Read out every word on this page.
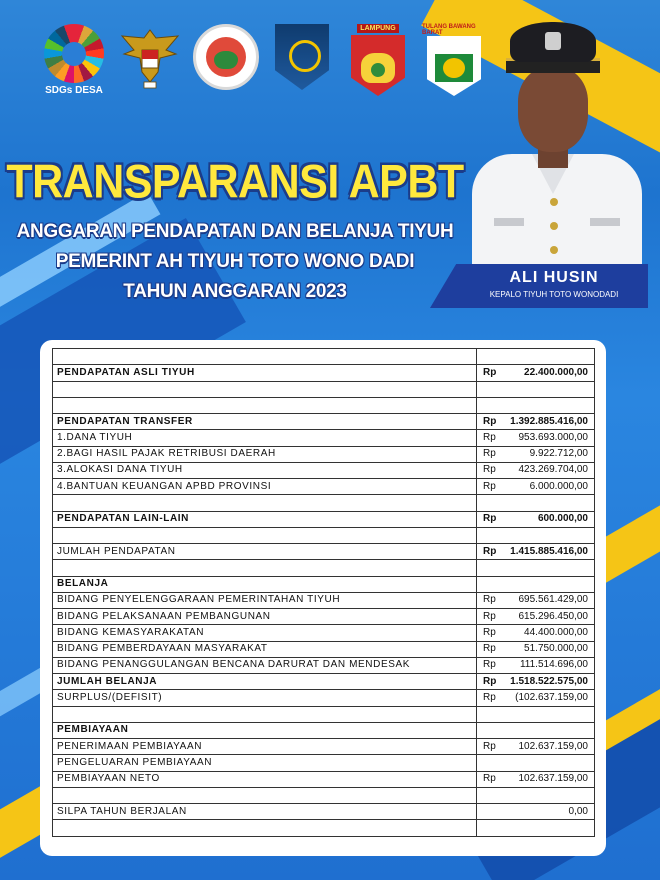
SDGs DESA
LAMPUNG	TULANG BAWANG BARAT
TRANSPARANSI APBT
ANGGARAN PENDAPATAN DAN BELANJA TIYUH
PEMERINT AH TIYUH TOTO WONO DADI
TAHUN ANGGARAN 2023
ALI HUSIN
KEPALO TIYUH TOTO WONODADI

PENDAPATAN ASLI TIYUH	Rp 22.400.000,00

PENDAPATAN TRANSFER	Rp 1.392.885.416,00

1.DANA TIYUH	Rp 953.693.000,00

2.BAGI HASIL PAJAK RETRIBUSI DAERAH	Rp 9.922.712,00

3.ALOKASI DANA TIYUH	Rp 423.269.704,00

4.BANTUAN KEUANGAN APBD PROVINSI	Rp 6.000.000,00

PENDAPATAN LAIN-LAIN	Rp 600.000,00

JUMLAH PENDAPATAN	Rp 1.415.885.416,00

BELANJA	

BIDANG PENYELENGGARAAN PEMERINTAHAN TIYUH	Rp 695.561.429,00

BIDANG PELAKSANAAN PEMBANGUNAN	Rp 615.296.450,00

BIDANG KEMASYARAKATAN	Rp 44.400.000,00

BIDANG PEMBERDAYAAN MASYARAKAT	Rp 51.750.000,00

BIDANG PENANGGULANGAN BENCANA DARURAT DAN MENDESAK	Rp 111.514.696,00

JUMLAH BELANJA	Rp 1.518.522.575,00

SURPLUS/(DEFISIT)	Rp (102.637.159,00

PEMBIAYAAN	

PENERIMAAN PEMBIAYAAN	Rp 102.637.159,00

PENGELUARAN PEMBIAYAAN	

PEMBIAYAAN NETO	Rp 102.637.159,00

SILPA TAHUN BERJALAN	0,00
